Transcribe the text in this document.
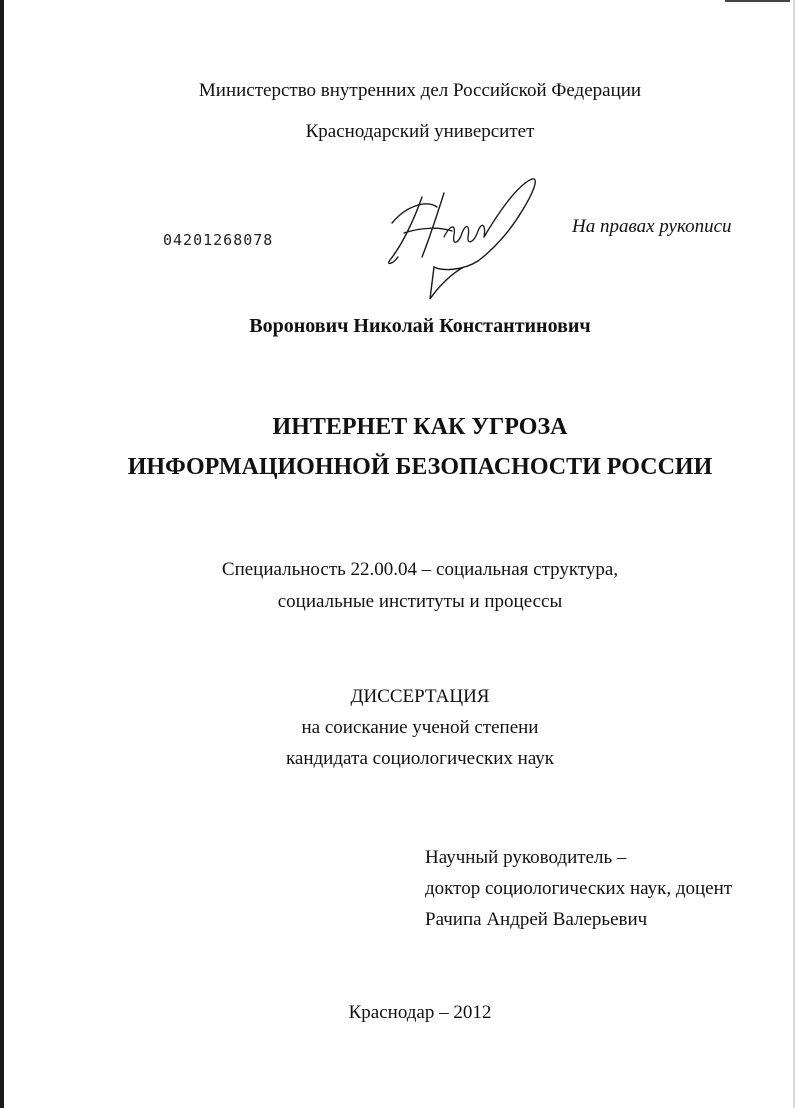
Министерство внутренних дел Российской Федерации
Краснодарский университет
04201268078
На правах рукописи
Воронович Николай Константинович
ИНТЕРНЕТ КАК УГРОЗА
ИНФОРМАЦИОННОЙ БЕЗОПАСНОСТИ РОССИИ
Специальность 22.00.04 – социальная структура,
социальные институты и процессы
ДИССЕРТАЦИЯ
на соискание ученой степени
кандидата социологических наук
Научный руководитель –
доктор социологических наук, доцент
Рачипа Андрей Валерьевич
Краснодар – 2012
